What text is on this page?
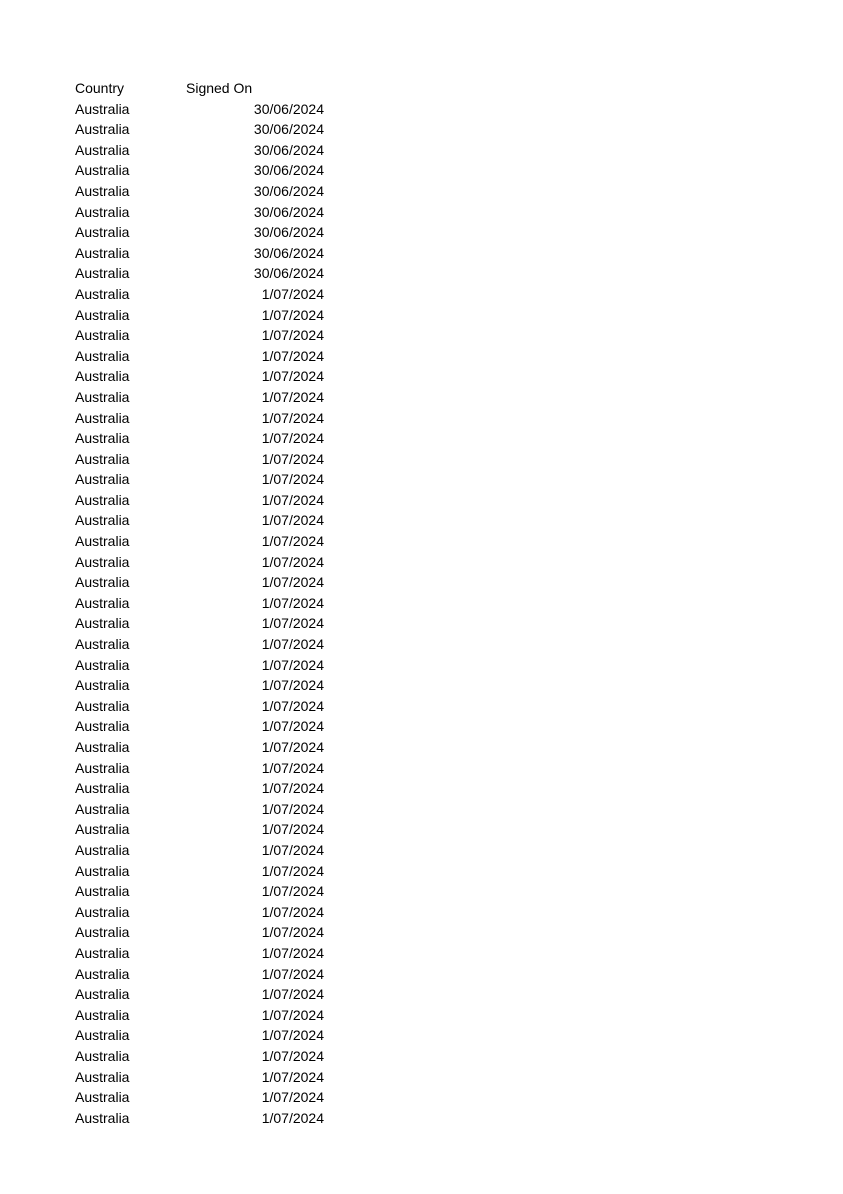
Country	Signed On
Australia	30/06/2024
Australia	30/06/2024
Australia	30/06/2024
Australia	30/06/2024
Australia	30/06/2024
Australia	30/06/2024
Australia	30/06/2024
Australia	30/06/2024
Australia	30/06/2024
Australia	1/07/2024
Australia	1/07/2024
Australia	1/07/2024
Australia	1/07/2024
Australia	1/07/2024
Australia	1/07/2024
Australia	1/07/2024
Australia	1/07/2024
Australia	1/07/2024
Australia	1/07/2024
Australia	1/07/2024
Australia	1/07/2024
Australia	1/07/2024
Australia	1/07/2024
Australia	1/07/2024
Australia	1/07/2024
Australia	1/07/2024
Australia	1/07/2024
Australia	1/07/2024
Australia	1/07/2024
Australia	1/07/2024
Australia	1/07/2024
Australia	1/07/2024
Australia	1/07/2024
Australia	1/07/2024
Australia	1/07/2024
Australia	1/07/2024
Australia	1/07/2024
Australia	1/07/2024
Australia	1/07/2024
Australia	1/07/2024
Australia	1/07/2024
Australia	1/07/2024
Australia	1/07/2024
Australia	1/07/2024
Australia	1/07/2024
Australia	1/07/2024
Australia	1/07/2024
Australia	1/07/2024
Australia	1/07/2024
Australia	1/07/2024
